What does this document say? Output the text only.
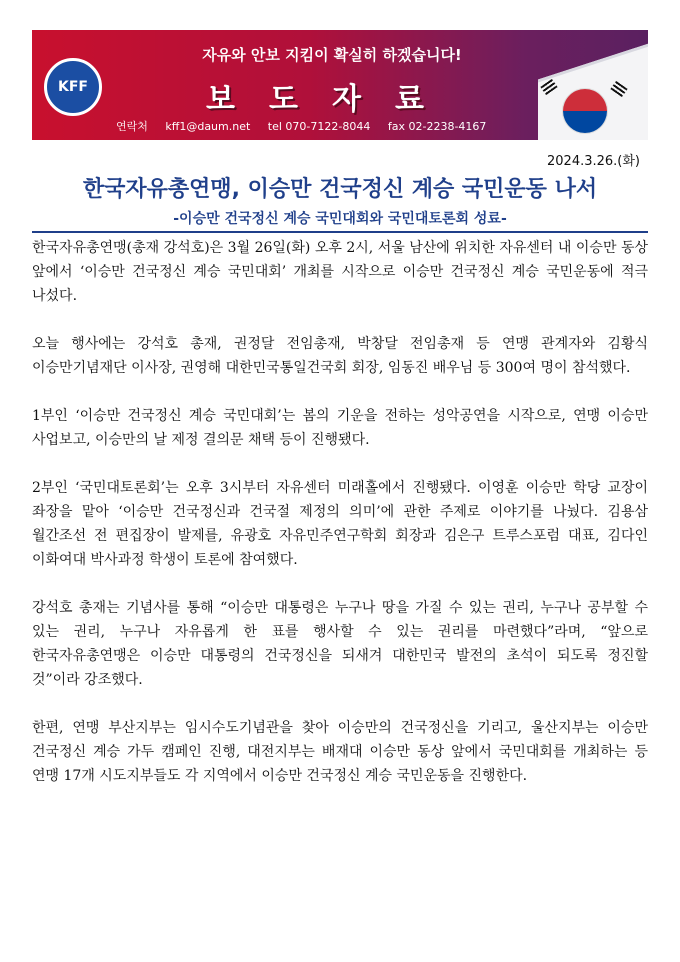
KFF
자유와 안보 지킴이 확실히 하겠습니다!
보도자료
연락처 kff1@daum.net tel 070-7122-8044 fax 02-2238-4167
2024.3.26.(화)
한국자유총연맹, 이승만 건국정신 계승 국민운동 나서
-이승만 건국정신 계승 국민대회와 국민대토론회 성료-

한국자유총연맹(총재 강석호)은 3월 26일(화) 오후 2시, 서울 남산에 위치한 자유센터 내 이승만 동상 앞에서 ‘이승만 건국정신 계승 국민대회’ 개최를 시작으로 이승만 건국정신 계승 국민운동에 적극 나섰다.

오늘 행사에는 강석호 총재, 권정달 전임총재, 박창달 전임총재 등 연맹 관계자와 김황식 이승만기념재단 이사장, 권영해 대한민국통일건국회 회장, 임동진 배우님 등 300여 명이 참석했다.

1부인 ‘이승만 건국정신 계승 국민대회’는 봄의 기운을 전하는 성악공연을 시작으로, 연맹 이승만 사업보고, 이승만의 날 제정 결의문 채택 등이 진행됐다.

2부인 ‘국민대토론회’는 오후 3시부터 자유센터 미래홀에서 진행됐다. 이영훈 이승만 학당 교장이 좌장을 맡아 ‘이승만 건국정신과 건국절 제정의 의미’에 관한 주제로 이야기를 나눴다. 김용삼 월간조선 전 편집장이 발제를, 유광호 자유민주연구학회 회장과 김은구 트루스포럼 대표, 김다인 이화여대 박사과정 학생이 토론에 참여했다.

강석호 총재는 기념사를 통해 “이승만 대통령은 누구나 땅을 가질 수 있는 권리, 누구나 공부할 수 있는 권리, 누구나 자유롭게 한 표를 행사할 수 있는 권리를 마련했다”라며, “앞으로 한국자유총연맹은 이승만 대통령의 건국정신을 되새겨 대한민국 발전의 초석이 되도록 정진할 것”이라 강조했다.

한편, 연맹 부산지부는 임시수도기념관을 찾아 이승만의 건국정신을 기리고, 울산지부는 이승만 건국정신 계승 가두 캠페인 진행, 대전지부는 배재대 이승만 동상 앞에서 국민대회를 개최하는 등 연맹 17개 시도지부들도 각 지역에서 이승만 건국정신 계승 국민운동을 진행한다.
